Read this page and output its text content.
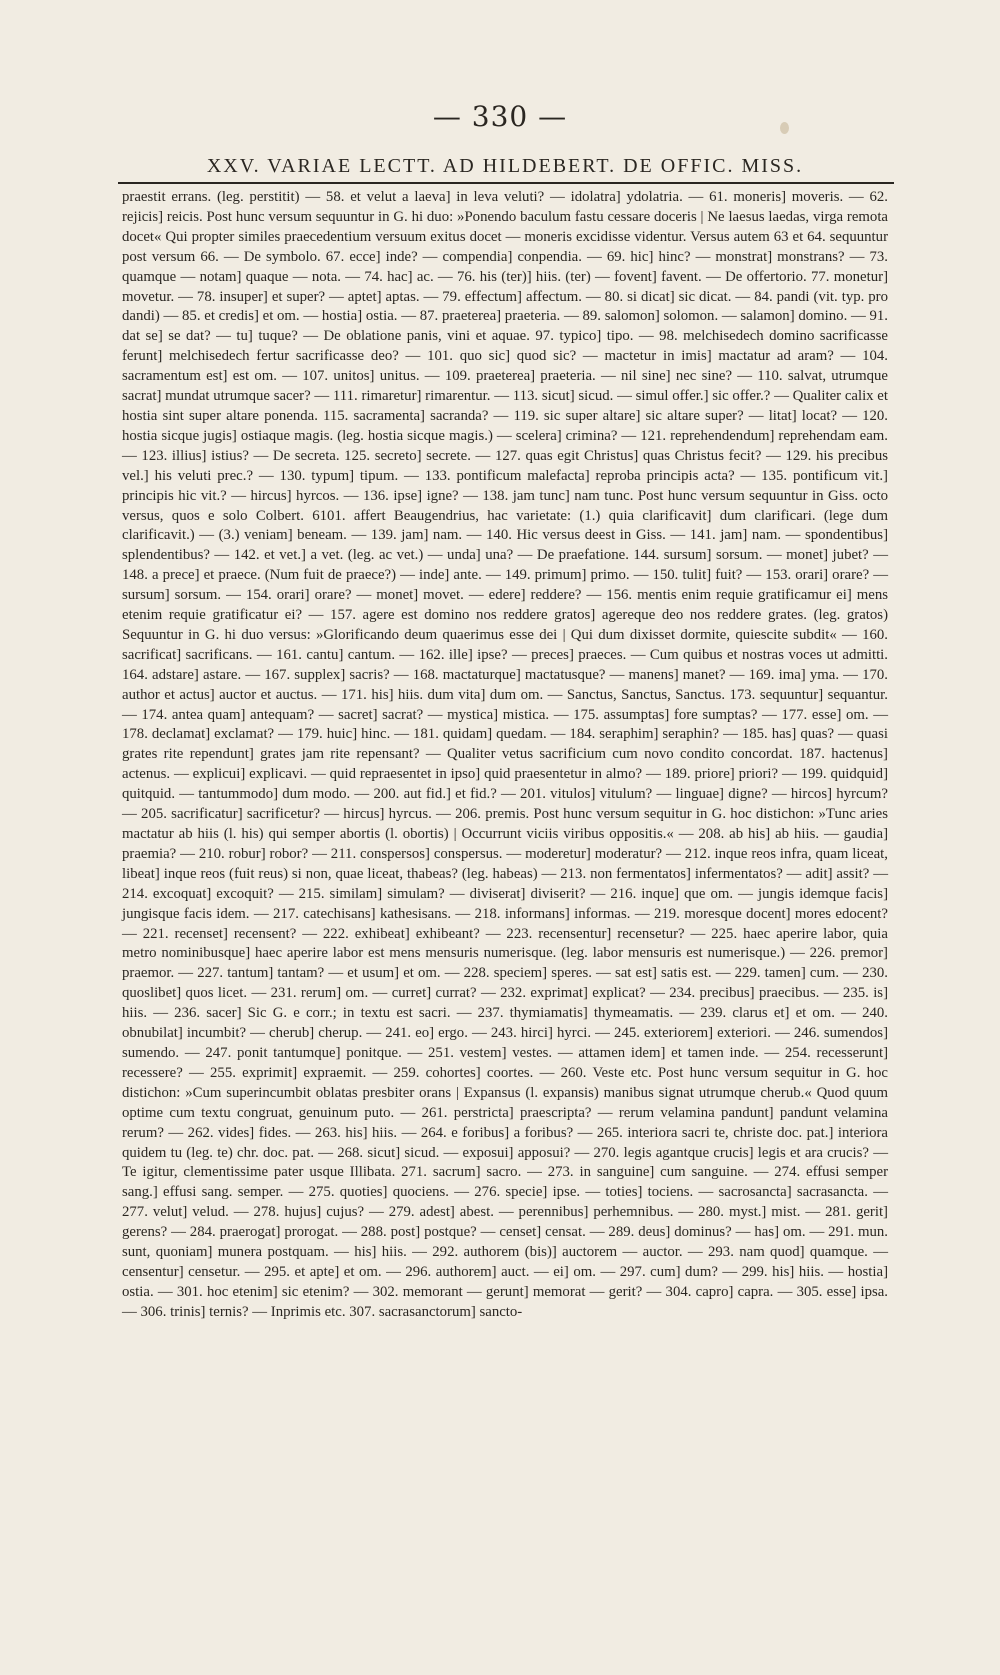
— 330 —
XXV. VARIAE LECTT. AD HILDEBERT. DE OFFIC. MISS.

praestit errans. (leg. perstitit) — 58. et velut a laeva] in leva veluti? — idolatra] ydolatria. — 61. moneris] moveris. — 62. rejicis] reicis. Post hunc versum sequuntur in G. hi duo: »Ponendo baculum fastu cessare doceris | Ne laesus laedas, virga remota docet« Qui propter similes praecedentium versuum exitus docet — moneris excidisse videntur. Versus autem 63 et 64. sequuntur post versum 66. — De symbolo. 67. ecce] inde? — compendia] conpendia. — 69. hic] hinc? — monstrat] monstrans? — 73. quamque — notam] quaque — nota. — 74. hac] ac. — 76. his (ter)] hiis. (ter) — fovent] favent. — De offertorio. 77. monetur] movetur. — 78. insuper] et super? — aptet] aptas. — 79. effectum] affectum. — 80. si dicat] sic dicat. — 84. pandi (vit. typ. pro dandi) — 85. et credis] et om. — hostia] ostia. — 87. praeterea] praeteria. — 89. salomon] solomon. — salamon] domino. — 91. dat se] se dat? — tu] tuque? — De oblatione panis, vini et aquae. 97. typico] tipo. — 98. melchisedech domino sacrificasse ferunt] melchisedech fertur sacrificasse deo? — 101. quo sic] quod sic? — mactetur in imis] mactatur ad aram? — 104. sacramentum est] est om. — 107. unitos] unitus. — 109. praeterea] praeteria. — nil sine] nec sine? — 110. salvat, utrumque sacrat] mundat utrumque sacer? — 111. rimaretur] rimarentur. — 113. sicut] sicud. — simul offer.] sic offer.? — Qualiter calix et hostia sint super altare ponenda. 115. sacramenta] sacranda? — 119. sic super altare] sic altare super? — litat] locat? — 120. hostia sicque jugis] ostiaque magis. (leg. hostia sicque magis.) — scelera] crimina? — 121. reprehendendum] reprehendam eam. — 123. illius] istius? — De secreta. 125. secreto] secrete. — 127. quas egit Christus] quas Christus fecit? — 129. his precibus vel.] his veluti prec.? — 130. typum] tipum. — 133. pontificum malefacta] reproba principis acta? — 135. pontificum vit.] principis hic vit.? — hircus] hyrcos. — 136. ipse] igne? — 138. jam tunc] nam tunc. Post hunc versum sequuntur in Giss. octo versus, quos e solo Colbert. 6101. affert Beaugendrius, hac varietate: (1.) quia clarificavit] dum clarificari. (lege dum clarificavit.) — (3.) veniam] beneam. — 139. jam] nam. — 140. Hic versus deest in Giss. — 141. jam] nam. — spondentibus] splendentibus? — 142. et vet.] a vet. (leg. ac vet.) — unda] una? — De praefatione. 144. sursum] sorsum. — monet] jubet? — 148. a prece] et praece. (Num fuit de praece?) — inde] ante. — 149. primum] primo. — 150. tulit] fuit? — 153. orari] orare? — sursum] sorsum. — 154. orari] orare? — monet] movet. — edere] reddere? — 156. mentis enim requie gratificamur ei] mens etenim requie gratificatur ei? — 157. agere est domino nos reddere gratos] agereque deo nos reddere grates. (leg. gratos) Sequuntur in G. hi duo versus: »Glorificando deum quaerimus esse dei | Qui dum dixisset dormite, quiescite subdit« — 160. sacrificat] sacrificans. — 161. cantu] cantum. — 162. ille] ipse? — preces] praeces. — Cum quibus et nostras voces ut admitti. 164. adstare] astare. — 167. supplex] sacris? — 168. mactaturque] mactatusque? — manens] manet? — 169. ima] yma. — 170. author et actus] auctor et auctus. — 171. his] hiis. dum vita] dum om. — Sanctus, Sanctus, Sanctus. 173. sequuntur] sequantur. — 174. antea quam] antequam? — sacret] sacrat? — mystica] mistica. — 175. assumptas] fore sumptas? — 177. esse] om. — 178. declamat] exclamat? — 179. huic] hinc. — 181. quidam] quedam. — 184. seraphim] seraphin? — 185. has] quas? — quasi grates rite rependunt] grates jam rite repensant? — Qualiter vetus sacrificium cum novo condito concordat. 187. hactenus] actenus. — explicui] explicavi. — quid repraesentet in ipso] quid praesentetur in almo? — 189. priore] priori? — 199. quidquid] quitquid. — tantummodo] dum modo. — 200. aut fid.] et fid.? — 201. vitulos] vitulum? — linguae] digne? — hircos] hyrcum? — 205. sacrificatur] sacrificetur? — hircus] hyrcus. — 206. premis. Post hunc versum sequitur in G. hoc distichon: »Tunc aries mactatur ab hiis (l. his) qui semper abortis (l. obortis) | Occurrunt viciis viribus oppositis.« — 208. ab his] ab hiis. — gaudia] praemia? — 210. robur] robor? — 211. conspersos] conspersus. — moderetur] moderatur? — 212. inque reos infra, quam liceat, libeat] inque reos (fuit reus) si non, quae liceat, thabeas? (leg. habeas) — 213. non fermentatos] infermentatos? — adit] assit? — 214. excoquat] excoquit? — 215. similam] simulam? — diviserat] diviserit? — 216. inque] que om. — jungis idemque facis] jungisque facis idem. — 217. catechisans] kathesisans. — 218. informans] informas. — 219. moresque docent] mores edocent? — 221. recenset] recensent? — 222. exhibeat] exhibeant? — 223. recensentur] recensetur? — 225. haec aperire labor, quia metro nominibusque] haec aperire labor est mens mensuris numerisque. (leg. labor mensuris est numerisque.) — 226. premor] praemor. — 227. tantum] tantam? — et usum] et om. — 228. speciem] speres. — sat est] satis est. — 229. tamen] cum. — 230. quoslibet] quos licet. — 231. rerum] om. — curret] currat? — 232. exprimat] explicat? — 234. precibus] praecibus. — 235. is] hiis. — 236. sacer] Sic G. e corr.; in textu est sacri. — 237. thymiamatis] thymeamatis. — 239. clarus et] et om. — 240. obnubilat] incumbit? — cherub] cherup. — 241. eo] ergo. — 243. hirci] hyrci. — 245. exteriorem] exteriori. — 246. sumendos] sumendo. — 247. ponit tantumque] ponitque. — 251. vestem] vestes. — attamen idem] et tamen inde. — 254. recesserunt] recessere? — 255. exprimit] expraemit. — 259. cohortes] coortes. — 260. Veste etc. Post hunc versum sequitur in G. hoc distichon: »Cum superincumbit oblatas presbiter orans | Expansus (l. expansis) manibus signat utrumque cherub.« Quod quum optime cum textu congruat, genuinum puto. — 261. perstricta] praescripta? — rerum velamina pandunt] pandunt velamina rerum? — 262. vides] fides. — 263. his] hiis. — 264. e foribus] a foribus? — 265. interiora sacri te, christe doc. pat.] interiora quidem tu (leg. te) chr. doc. pat. — 268. sicut] sicud. — exposui] apposui? — 270. legis agantque crucis] legis et ara crucis? — Te igitur, clementissime pater usque Illibata. 271. sacrum] sacro. — 273. in sanguine] cum sanguine. — 274. effusi semper sang.] effusi sang. semper. — 275. quoties] quociens. — 276. specie] ipse. — toties] tociens. — sacrosancta] sacrasancta. — 277. velut] velud. — 278. hujus] cujus? — 279. adest] abest. — perennibus] perhemnibus. — 280. myst.] mist. — 281. gerit] gerens? — 284. praerogat] prorogat. — 288. post] postque? — censet] censat. — 289. deus] dominus? — has] om. — 291. mun. sunt, quoniam] munera postquam. — his] hiis. — 292. authorem (bis)] auctorem — auctor. — 293. nam quod] quamque. — censentur] censetur. — 295. et apte] et om. — 296. authorem] auct. — ei] om. — 297. cum] dum? — 299. his] hiis. — hostia] ostia. — 301. hoc etenim] sic etenim? — 302. memorant — gerunt] memorat — gerit? — 304. capro] capra. — 305. esse] ipsa. — 306. trinis] ternis? — Inprimis etc. 307. sacrasanctorum] sancto-
